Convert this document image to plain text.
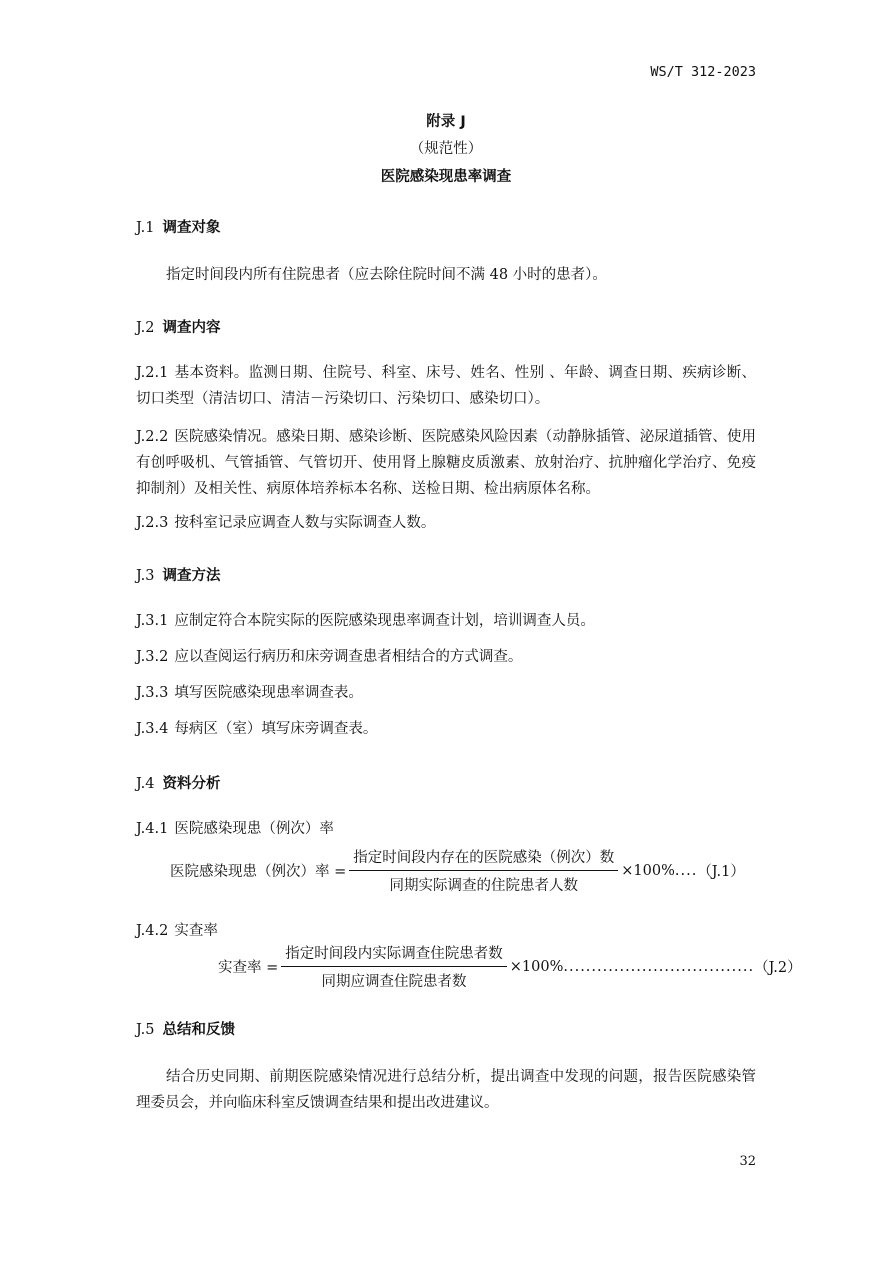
WS/T 312-2023
附录 J
（规范性）
医院感染现患率调查
J.1 调查对象
指定时间段内所有住院患者（应去除住院时间不满 48 小时的患者）。
J.2 调查内容
J.2.1 基本资料。监测日期、住院号、科室、床号、姓名、性别 、年龄、调查日期、疾病诊断、切口类型（清洁切口、清洁－污染切口、污染切口、感染切口）。
J.2.2 医院感染情况。感染日期、感染诊断、医院感染风险因素（动静脉插管、泌尿道插管、使用有创呼吸机、气管插管、气管切开、使用肾上腺糖皮质激素、放射治疗、抗肿瘤化学治疗、免疫抑制剂）及相关性、病原体培养标本名称、送检日期、检出病原体名称。
J.2.3 按科室记录应调查人数与实际调查人数。
J.3 调查方法
J.3.1 应制定符合本院实际的医院感染现患率调查计划，培训调查人员。
J.3.2 应以查阅运行病历和床旁调查患者相结合的方式调查。
J.3.3 填写医院感染现患率调查表。
J.3.4 每病区（室）填写床旁调查表。
J.4 资料分析
J.4.1 医院感染现患（例次）率
医院感染现患（例次）率 = $\frac{\text{指定时间段内存在的医院感染（例次）数}}{\text{同期实际调查的住院患者人数}} \times 100\%$ .... （J.1）
J.4.2 实查率
实查率 = $\frac{\text{指定时间段内实际调查住院患者数}}{\text{同期应调查住院患者数}} \times 100\%$ .................................. （J.2）
J.5 总结和反馈
结合历史同期、前期医院感染情况进行总结分析，提出调查中发现的问题，报告医院感染管理委员会，并向临床科室反馈调查结果和提出改进建议。
32
